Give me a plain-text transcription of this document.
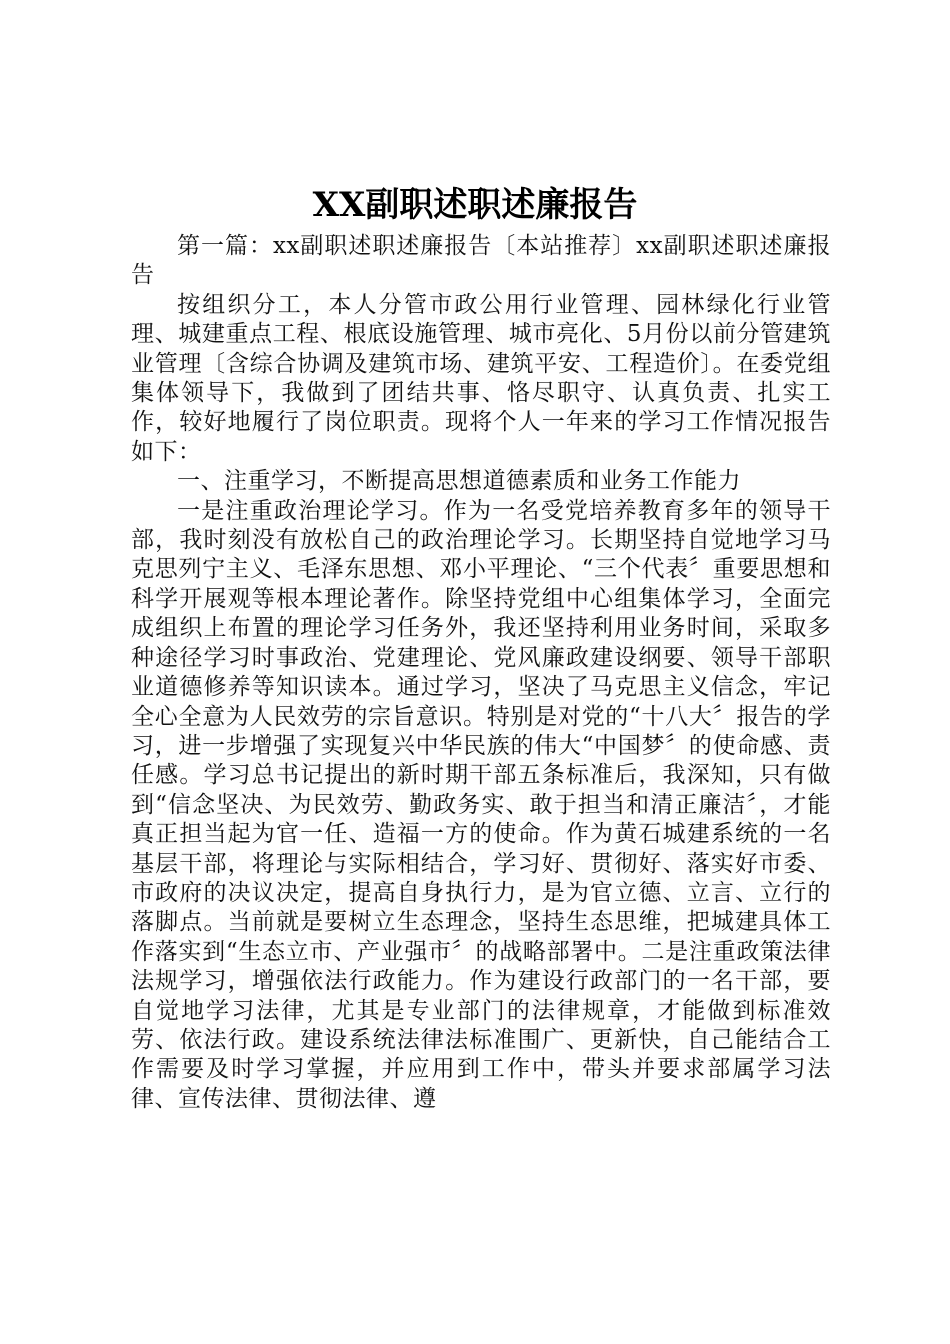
XX副职述职述廉报告

第一篇：xx副职述职述廉报告〔本站推荐〕xx副职述职述廉报告

按组织分工，本人分管市政公用行业管理、园林绿化行业管理、城建重点工程、根底设施管理、城市亮化、5月份以前分管建筑业管理〔含综合协调及建筑市场、建筑平安、工程造价〕。在委党组集体领导下，我做到了团结共事、恪尽职守、认真负责、扎实工作，较好地履行了岗位职责。现将个人一年来的学习工作情况报告如下：

一、注重学习，不断提高思想道德素质和业务工作能力

一是注重政治理论学习。作为一名受党培养教育多年的领导干部，我时刻没有放松自己的政治理论学习。长期坚持自觉地学习马克思列宁主义、毛泽东思想、邓小平理论、“三个代表〞重要思想和科学开展观等根本理论著作。除坚持党组中心组集体学习，全面完成组织上布置的理论学习任务外，我还坚持利用业务时间，采取多种途径学习时事政治、党建理论、党风廉政建设纲要、领导干部职业道德修养等知识读本。通过学习，坚决了马克思主义信念，牢记全心全意为人民效劳的宗旨意识。特别是对党的“十八大〞报告的学习，进一步增强了实现复兴中华民族的伟大“中国梦〞的使命感、责任感。学习总书记提出的新时期干部五条标准后，我深知，只有做到“信念坚决、为民效劳、勤政务实、敢于担当和清正廉洁〞，才能真正担当起为官一任、造福一方的使命。作为黄石城建系统的一名基层干部，将理论与实际相结合，学习好、贯彻好、落实好市委、市政府的决议决定，提高自身执行力，是为官立德、立言、立行的落脚点。当前就是要树立生态理念，坚持生态思维，把城建具体工作落实到“生态立市、产业强市〞的战略部署中。二是注重政策法律法规学习，增强依法行政能力。作为建设行政部门的一名干部，要自觉地学习法律，尤其是专业部门的法律规章，才能做到标准效劳、依法行政。建设系统法律法标准围广、更新快，自己能结合工作需要及时学习掌握，并应用到工作中，带头并要求部属学习法律、宣传法律、贯彻法律、遵
